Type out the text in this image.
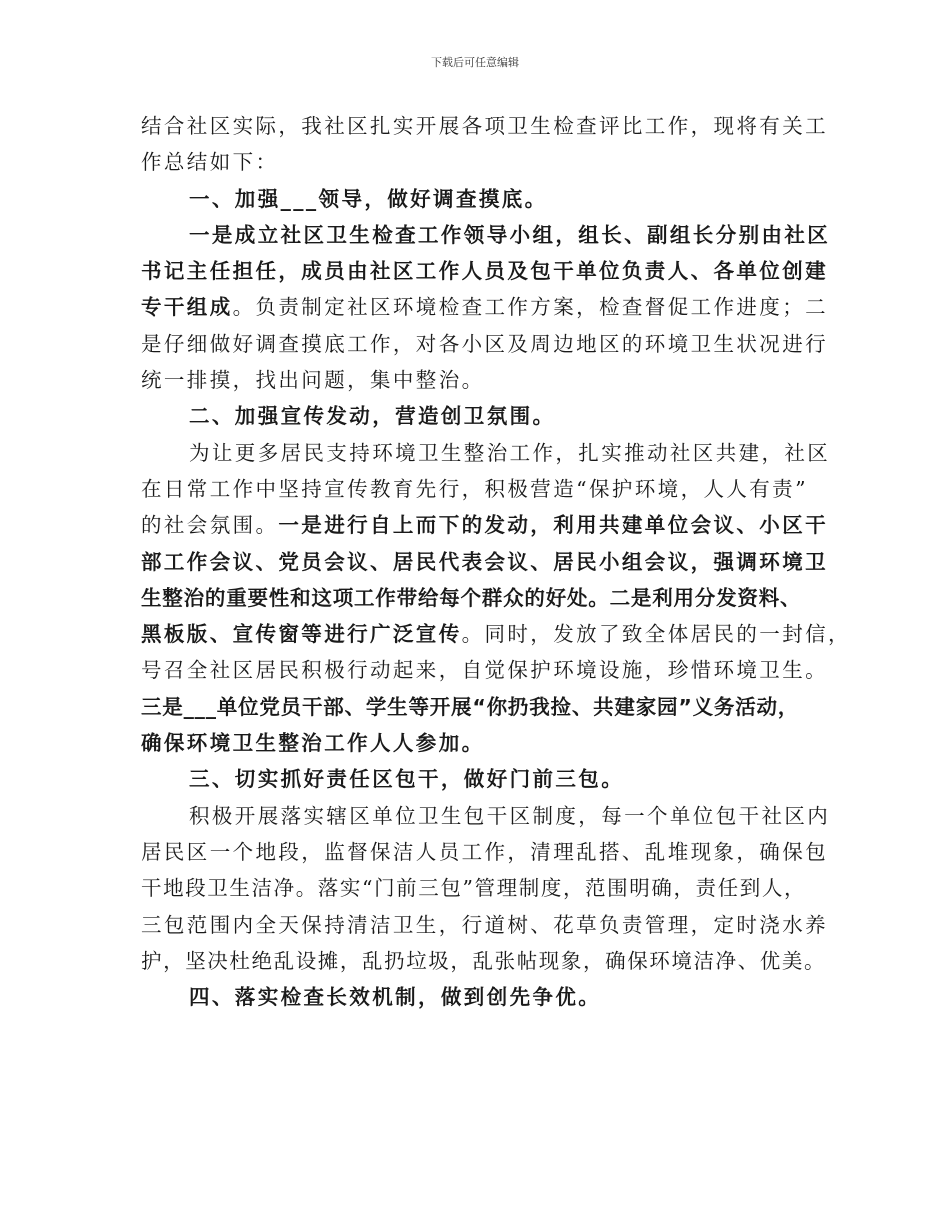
下载后可任意编辑
结合社区实际，我社区扎实开展各项卫生检查评比工作，现将有关工
作总结如下：
一、加强___领导，做好调查摸底。
一是成立社区卫生检查工作领导小组，组长、副组长分别由社区
书记主任担任，成员由社区工作人员及包干单位负责人、各单位创建
专干组成。负责制定社区环境检查工作方案，检查督促工作进度；二
是仔细做好调查摸底工作，对各小区及周边地区的环境卫生状况进行
统一排摸，找出问题，集中整治。
二、加强宣传发动，营造创卫氛围。
为让更多居民支持环境卫生整治工作，扎实推动社区共建，社区
在日常工作中坚持宣传教育先行，积极营造“保护环境，人人有责”
的社会氛围。一是进行自上而下的发动，利用共建单位会议、小区干
部工作会议、党员会议、居民代表会议、居民小组会议，强调环境卫
生整治的重要性和这项工作带给每个群众的好处。二是利用分发资料、
黑板版、宣传窗等进行广泛宣传。同时，发放了致全体居民的一封信，
号召全社区居民积极行动起来，自觉保护环境设施，珍惜环境卫生。
三是___单位党员干部、学生等开展“你扔我捡、共建家园”义务活动，
确保环境卫生整治工作人人参加。
三、切实抓好责任区包干，做好门前三包。
积极开展落实辖区单位卫生包干区制度，每一个单位包干社区内
居民区一个地段，监督保洁人员工作，清理乱搭、乱堆现象，确保包
干地段卫生洁净。落实“门前三包”管理制度，范围明确，责任到人，
三包范围内全天保持清洁卫生，行道树、花草负责管理，定时浇水养
护，坚决杜绝乱设摊，乱扔垃圾，乱张帖现象，确保环境洁净、优美。
四、落实检查长效机制，做到创先争优。
